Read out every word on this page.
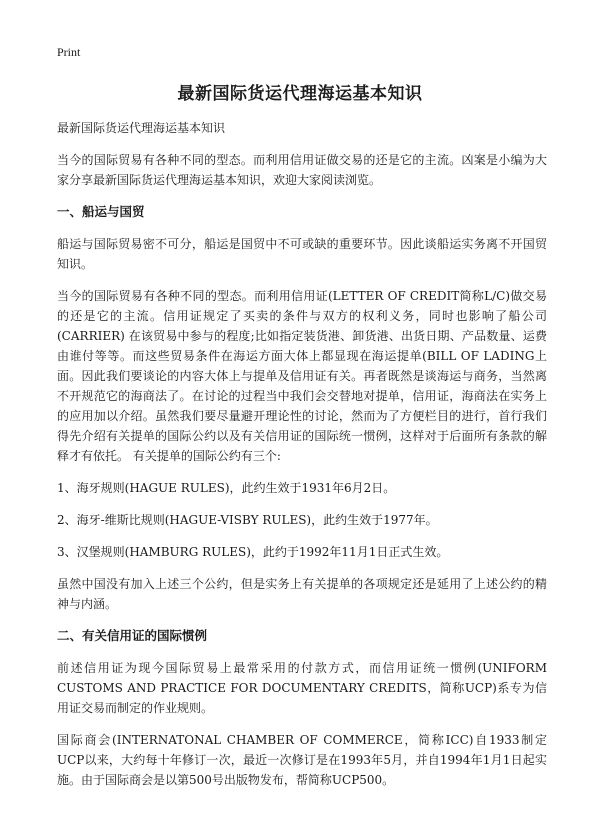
Print
最新国际货运代理海运基本知识

最新国际货运代理海运基本知识

当今的国际贸易有各种不同的型态。而利用信用证做交易的还是它的主流。凶案是小编为大家分享最新国际货运代理海运基本知识，欢迎大家阅读浏览。

一、船运与国贸

船运与国际贸易密不可分，船运是国贸中不可或缺的重要环节。因此谈船运实务离不开国贸知识。

当今的国际贸易有各种不同的型态。而利用信用证(LETTER OF CREDIT简称L/C)做交易的还是它的主流。信用证规定了买卖的条件与双方的权利义务，同时也影响了船公司(CARRIER) 在该贸易中参与的程度;比如指定装货港、卸货港、出货日期、产品数量、运费由谁付等等。而这些贸易条件在海运方面大体上都显现在海运提单(BILL OF LADING上面。因此我们要谈论的内容大体上与提单及信用证有关。再者既然是谈海运与商务，当然离不开规范它的海商法了。在讨论的过程当中我们会交替地对提单，信用证，海商法在实务上的应用加以介绍。虽然我们要尽量避开理论性的讨论，然而为了方便栏目的进行，首行我们得先介绍有关提单的国际公约以及有关信用证的国际统一惯例，这样对于后面所有条款的解释才有依托。 有关提单的国际公约有三个:

1、海牙规则(HAGUE RULES)，此约生效于1931年6月2日。

2、海牙-维斯比规则(HAGUE-VISBY RULES)，此约生效于1977年。

3、汉堡规则(HAMBURG RULES)，此约于1992年11月1日正式生效。

虽然中国没有加入上述三个公约，但是实务上有关提单的各项规定还是延用了上述公约的精神与内涵。

二、有关信用证的国际惯例

前述信用证为现今国际贸易上最常采用的付款方式，而信用证统一惯例(UNIFORM CUSTOMS AND PRACTICE FOR DOCUMENTARY CREDITS，简称UCP)系专为信用证交易而制定的作业规则。

国际商会(INTERNATONAL CHAMBER OF COMMERCE，简称ICC)自1933制定UCP以来，大约每十年修订一次，最近一次修订是在1993年5月，并自1994年1月1日起实施。由于国际商会是以第500号出版物发布，帮简称UCP500。
